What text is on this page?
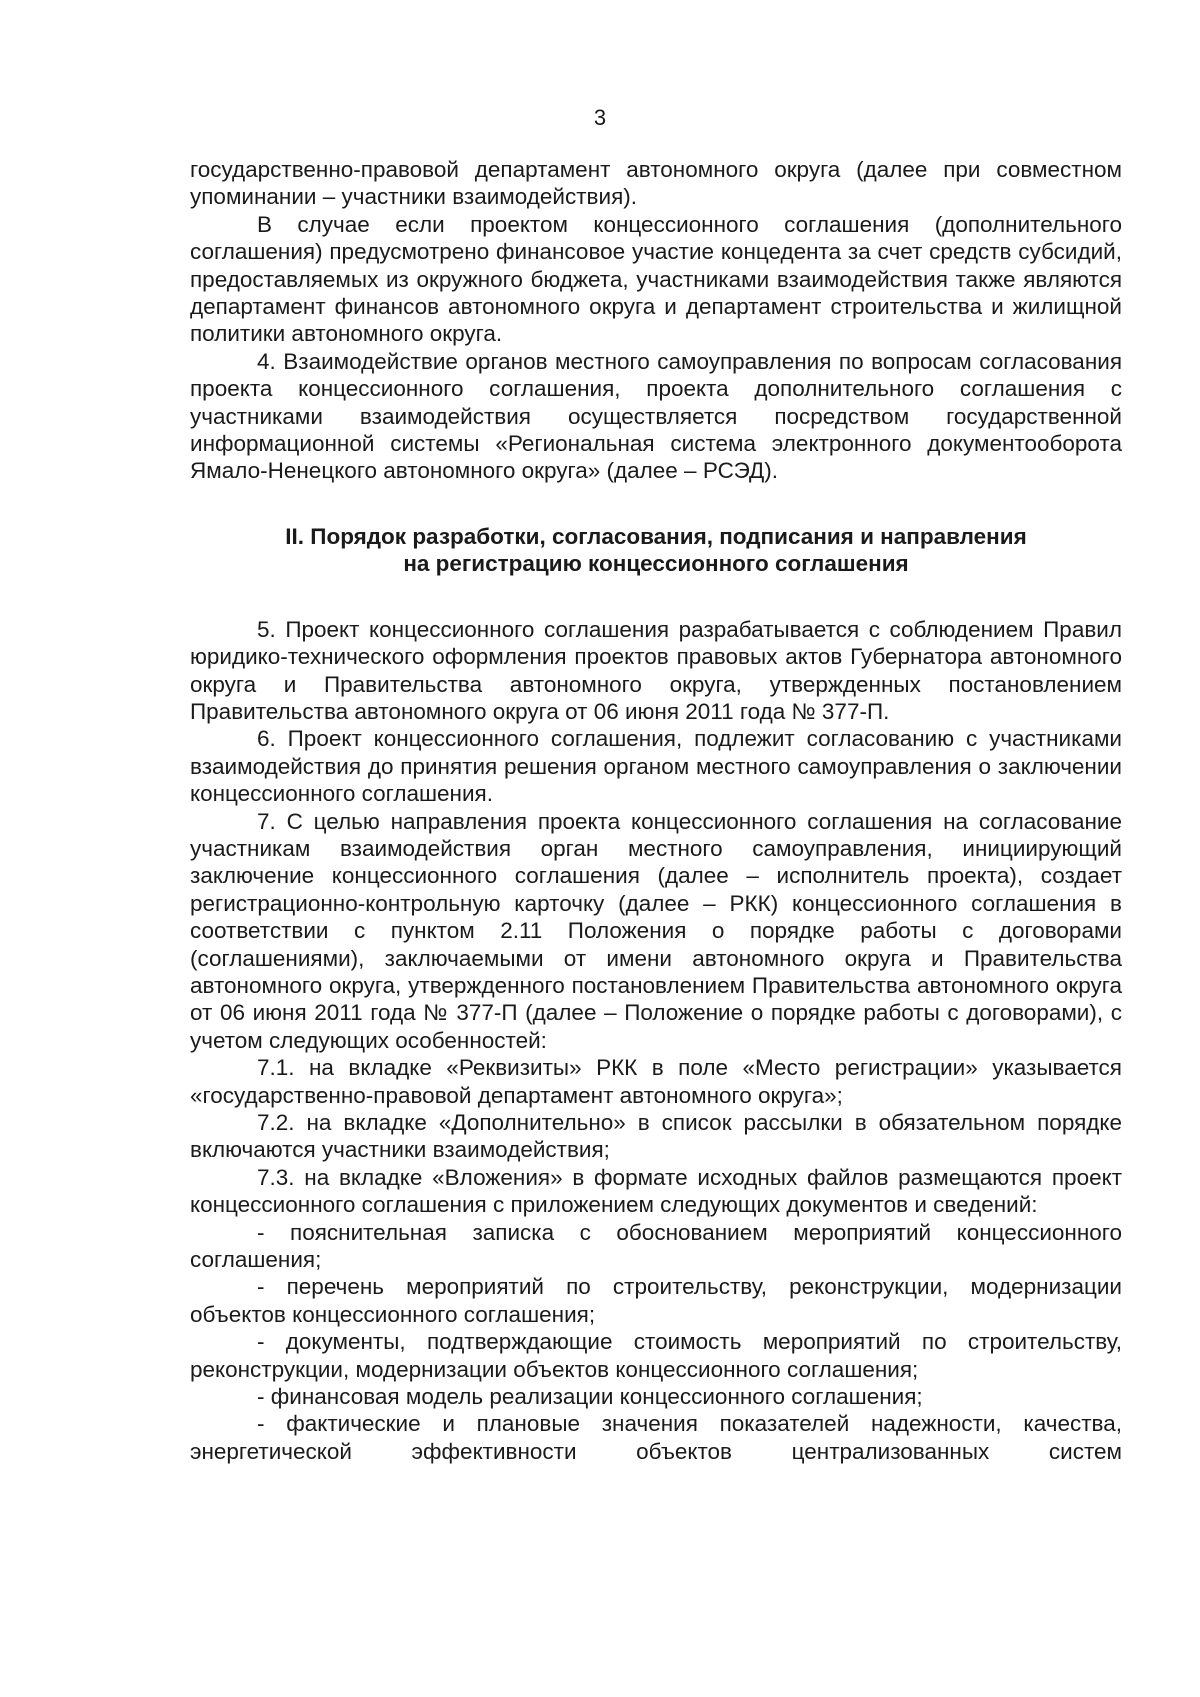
3

государственно-правовой департамент автономного округа (далее при совместном упоминании – участники взаимодействия).

В случае если проектом концессионного соглашения (дополнительного соглашения) предусмотрено финансовое участие концедента за счет средств субсидий, предоставляемых из окружного бюджета, участниками взаимодействия также являются департамент финансов автономного округа и департамент строительства и жилищной политики автономного округа.

4. Взаимодействие органов местного самоуправления по вопросам согласования проекта концессионного соглашения, проекта дополнительного соглашения с участниками взаимодействия осуществляется посредством государственной информационной системы «Региональная система электронного документооборота Ямало-Ненецкого автономного округа» (далее – РСЭД).

II. Порядок разработки, согласования, подписания и направления
на регистрацию концессионного соглашения

5. Проект концессионного соглашения разрабатывается с соблюдением Правил юридико-технического оформления проектов правовых актов Губернатора автономного округа и Правительства автономного округа, утвержденных постановлением Правительства автономного округа от 06 июня 2011 года № 377-П.

6. Проект концессионного соглашения, подлежит согласованию с участниками взаимодействия до принятия решения органом местного самоуправления о заключении концессионного соглашения.

7. С целью направления проекта концессионного соглашения на согласование участникам взаимодействия орган местного самоуправления, инициирующий заключение концессионного соглашения (далее – исполнитель проекта), создает регистрационно-контрольную карточку (далее – РКК) концессионного соглашения в соответствии с пунктом 2.11 Положения о порядке работы с договорами (соглашениями), заключаемыми от имени автономного округа и Правительства автономного округа, утвержденного постановлением Правительства автономного округа от 06 июня 2011 года № 377-П (далее – Положение о порядке работы с договорами), с учетом следующих особенностей:

7.1. на вкладке «Реквизиты» РКК в поле «Место регистрации» указывается «государственно-правовой департамент автономного округа»;

7.2. на вкладке «Дополнительно» в список рассылки в обязательном порядке включаются участники взаимодействия;

7.3. на вкладке «Вложения» в формате исходных файлов размещаются проект концессионного соглашения с приложением следующих документов и сведений:

- пояснительная записка с обоснованием мероприятий концессионного соглашения;

- перечень мероприятий по строительству, реконструкции, модернизации объектов концессионного соглашения;

- документы, подтверждающие стоимость мероприятий по строительству, реконструкции, модернизации объектов концессионного соглашения;

- финансовая модель реализации концессионного соглашения;

- фактические и плановые значения показателей надежности, качества, энергетической эффективности объектов централизованных систем
